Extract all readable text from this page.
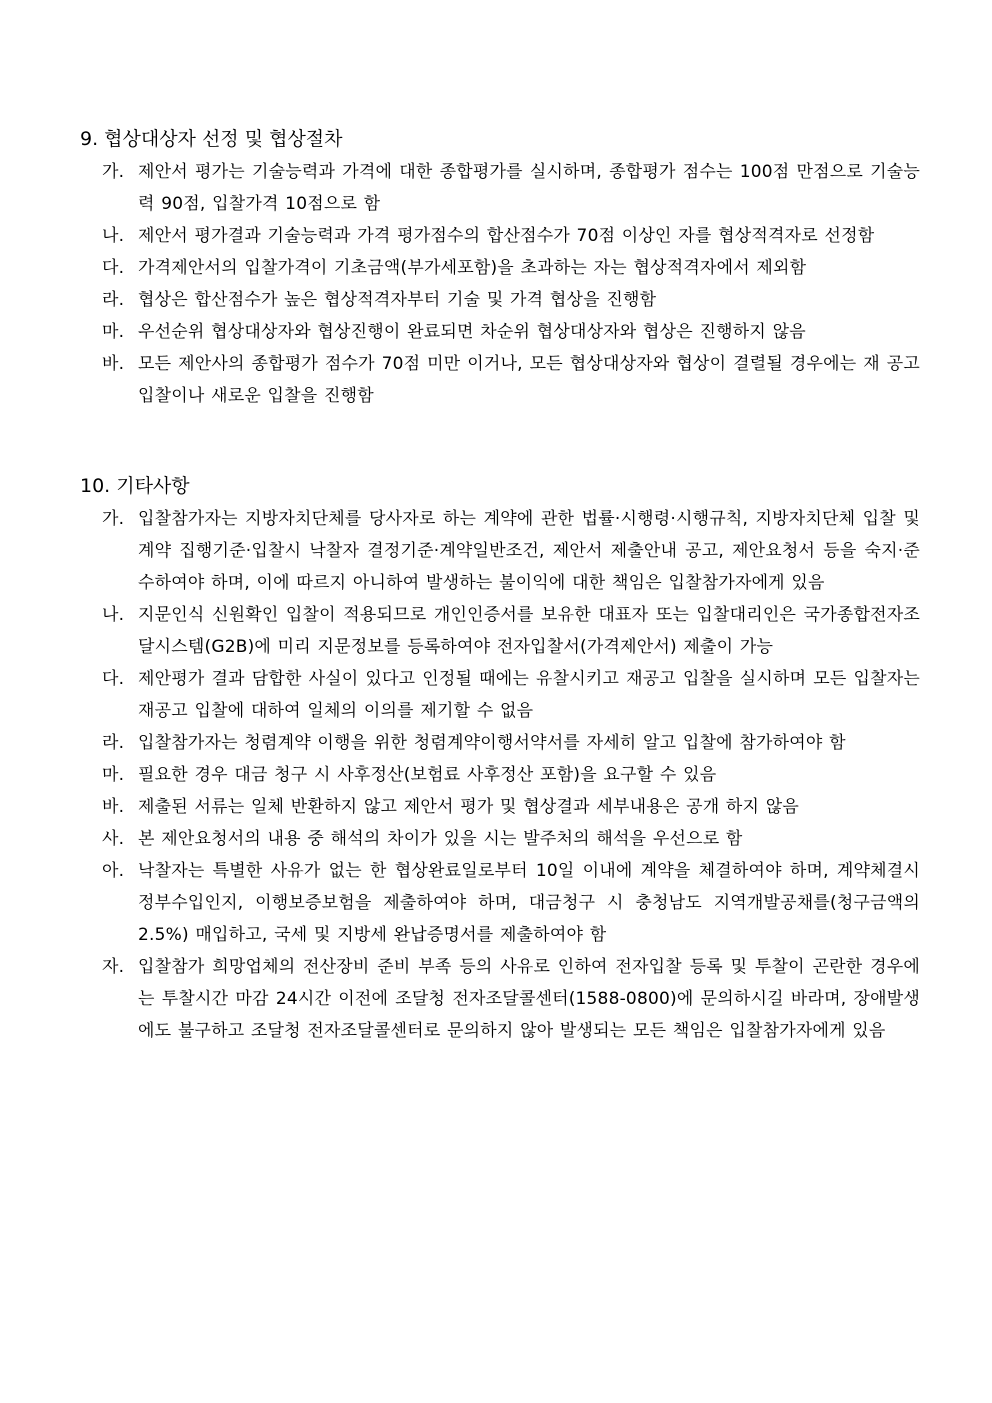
9. 협상대상자 선정 및 협상절차
가. 제안서 평가는 기술능력과 가격에 대한 종합평가를 실시하며, 종합평가 점수는 100점 만점으로 기술능력 90점, 입찰가격 10점으로 함
나. 제안서 평가결과 기술능력과 가격 평가점수의 합산점수가 70점 이상인 자를 협상적격자로 선정함
다. 가격제안서의 입찰가격이 기초금액(부가세포함)을 초과하는 자는 협상적격자에서 제외함
라. 협상은 합산점수가 높은 협상적격자부터 기술 및 가격 협상을 진행함
마. 우선순위 협상대상자와 협상진행이 완료되면 차순위 협상대상자와 협상은 진행하지 않음
바. 모든 제안사의 종합평가 점수가 70점 미만 이거나, 모든 협상대상자와 협상이 결렬될 경우에는 재 공고 입찰이나 새로운 입찰을 진행함
10. 기타사항
가. 입찰참가자는 지방자치단체를 당사자로 하는 계약에 관한 법률·시행령·시행규칙, 지방자치단체 입찰 및 계약 집행기준·입찰시 낙찰자 결정기준·계약일반조건, 제안서 제출안내 공고, 제안요청서 등을 숙지·준수하여야 하며, 이에 따르지 아니하여 발생하는 불이익에 대한 책임은 입찰참가자에게 있음
나. 지문인식 신원확인 입찰이 적용되므로 개인인증서를 보유한 대표자 또는 입찰대리인은 국가종합전자조달시스템(G2B)에 미리 지문정보를 등록하여야 전자입찰서(가격제안서) 제출이 가능
다. 제안평가 결과 담합한 사실이 있다고 인정될 때에는 유찰시키고 재공고 입찰을 실시하며 모든 입찰자는 재공고 입찰에 대하여 일체의 이의를 제기할 수 없음
라. 입찰참가자는 청렴계약 이행을 위한 청렴계약이행서약서를 자세히 알고 입찰에 참가하여야 함
마. 필요한 경우 대금 청구 시 사후정산(보험료 사후정산 포함)을 요구할 수 있음
바. 제출된 서류는 일체 반환하지 않고 제안서 평가 및 협상결과 세부내용은 공개 하지 않음
사. 본 제안요청서의 내용 중 해석의 차이가 있을 시는 발주처의 해석을 우선으로 함
아. 낙찰자는 특별한 사유가 없는 한 협상완료일로부터 10일 이내에 계약을 체결하여야 하며, 계약체결시 정부수입인지, 이행보증보험을 제출하여야 하며, 대금청구 시 충청남도 지역개발공채를(청구금액의 2.5%) 매입하고, 국세 및 지방세 완납증명서를 제출하여야 함
자. 입찰참가 희망업체의 전산장비 준비 부족 등의 사유로 인하여 전자입찰 등록 및 투찰이 곤란한 경우에는 투찰시간 마감 24시간 이전에 조달청 전자조달콜센터(1588-0800)에 문의하시길 바라며, 장애발생에도 불구하고 조달청 전자조달콜센터로 문의하지 않아 발생되는 모든 책임은 입찰참가자에게 있음
